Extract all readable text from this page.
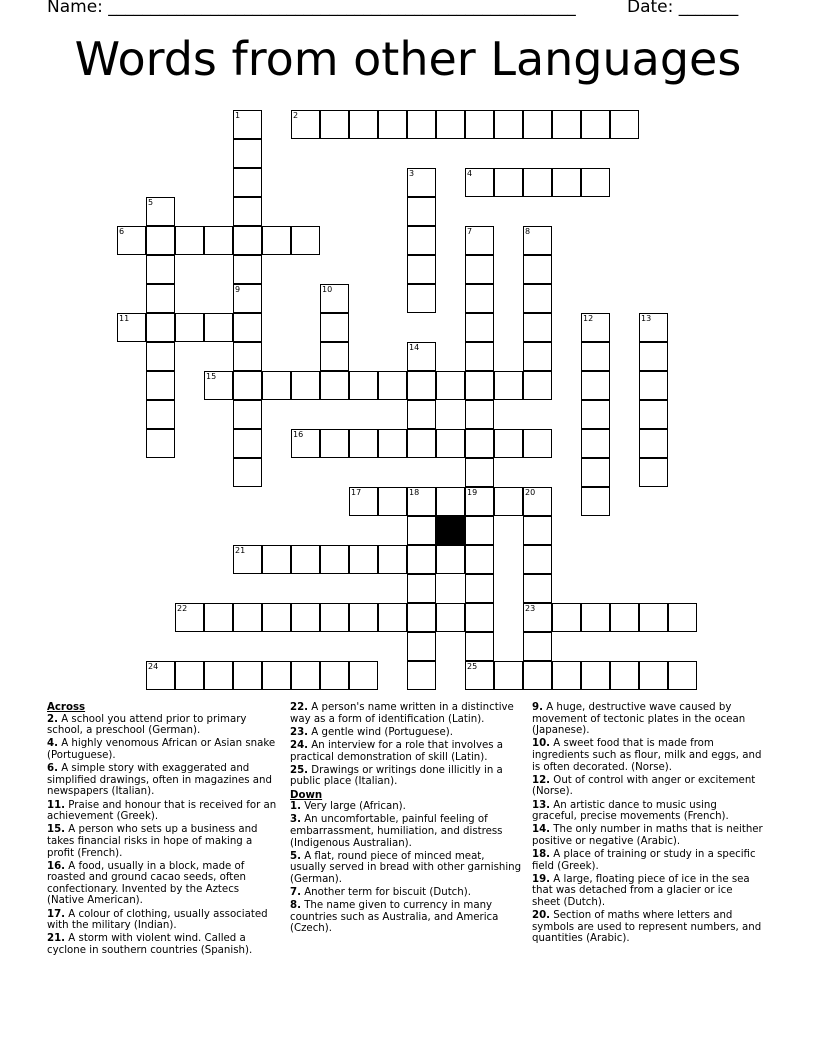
Name: _______________________________________________________	Date: _______
Words from other Languages
1
9
2
3	4
5
6	7
19
8
10
11	12	13
14
15
16
17	18
25
20
23
21
22
24
Across
2. A school you attend prior to primary school, a preschool (German).
4. A highly venomous African or Asian snake (Portuguese).
6. A simple story with exaggerated and simplified drawings, often in magazines and newspapers (Italian).
11. Praise and honour that is received for an achievement (Greek).
15. A person who sets up a business and takes financial risks in hope of making a profit (French).
16. A food, usually in a block, made of roasted and ground cacao seeds, often confectionary. Invented by the Aztecs (Native American).
17. A colour of clothing, usually associated with the military (Indian).
21. A storm with violent wind. Called a cyclone in southern countries (Spanish).
22. A person's name written in a distinctive way as a form of identification (Latin).
23. A gentle wind (Portuguese).
24. An interview for a role that involves a practical demonstration of skill (Latin).
25. Drawings or writings done illicitly in a public place (Italian).
Down
1. Very large (African).
3. An uncomfortable, painful feeling of embarrassment, humiliation, and distress (Indigenous Australian).
5. A flat, round piece of minced meat, usually served in bread with other garnishing (German).
7. Another term for biscuit (Dutch).
8. The name given to currency in many countries such as Australia, and America (Czech).
9. A huge, destructive wave caused by movement of tectonic plates in the ocean (Japanese).
10. A sweet food that is made from ingredients such as flour, milk and eggs, and is often decorated. (Norse).
12. Out of control with anger or excitement (Norse).
13. An artistic dance to music using graceful, precise movements (French).
14. The only number in maths that is neither positive or negative (Arabic).
18. A place of training or study in a specific field (Greek).
19. A large, floating piece of ice in the sea that was detached from a glacier or ice sheet (Dutch).
20. Section of maths where letters and symbols are used to represent numbers, and quantities (Arabic).
